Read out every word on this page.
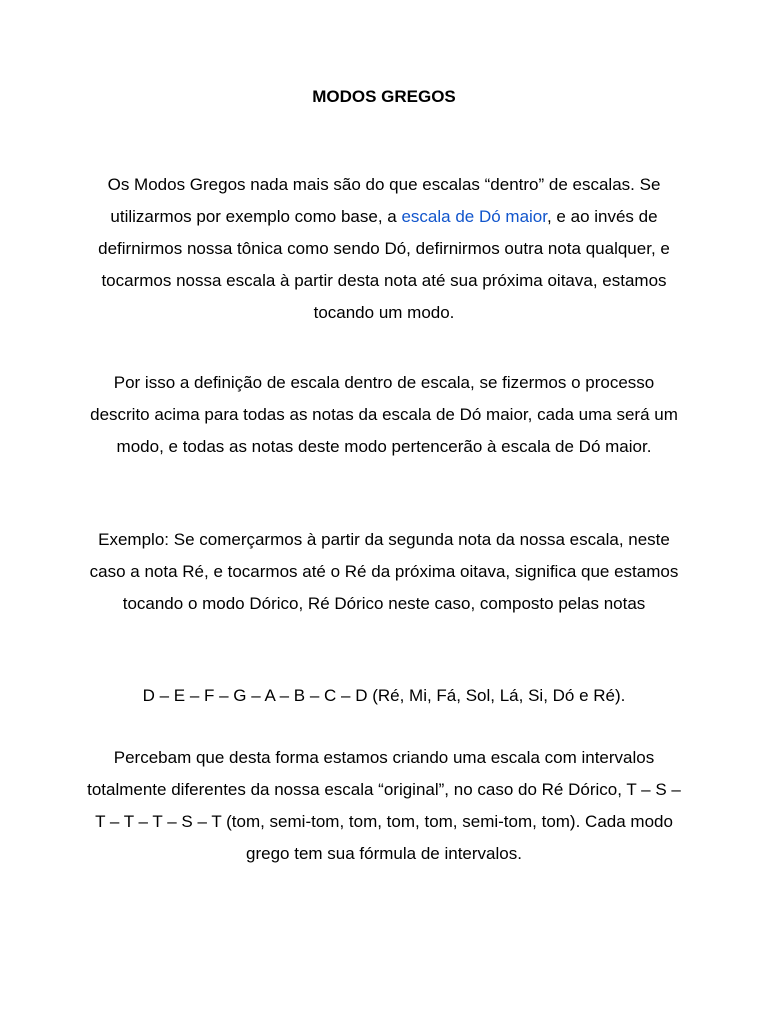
MODOS GREGOS

Os Modos Gregos nada mais são do que escalas “dentro” de escalas. Se utilizarmos por exemplo como base, a escala de Dó maior, e ao invés de defirnirmos nossa tônica como sendo Dó, defirnirmos outra nota qualquer, e tocarmos nossa escala à partir desta nota até sua próxima oitava, estamos tocando um modo.

Por isso a definição de escala dentro de escala, se fizermos o processo descrito acima para todas as notas da escala de Dó maior, cada uma será um modo, e todas as notas deste modo pertencerão à escala de Dó maior.

Exemplo: Se comerçarmos à partir da segunda nota da nossa escala, neste caso a nota Ré, e tocarmos até o Ré da próxima oitava, significa que estamos tocando o modo Dórico, Ré Dórico neste caso, composto pelas notas

D – E – F – G – A – B – C – D (Ré, Mi, Fá, Sol, Lá, Si, Dó e Ré).

Percebam que desta forma estamos criando uma escala com intervalos totalmente diferentes da nossa escala “original”, no caso do Ré Dórico, T – S – T – T – T – S – T (tom, semi-tom, tom, tom, tom, semi-tom, tom). Cada modo grego tem sua fórmula de intervalos.
